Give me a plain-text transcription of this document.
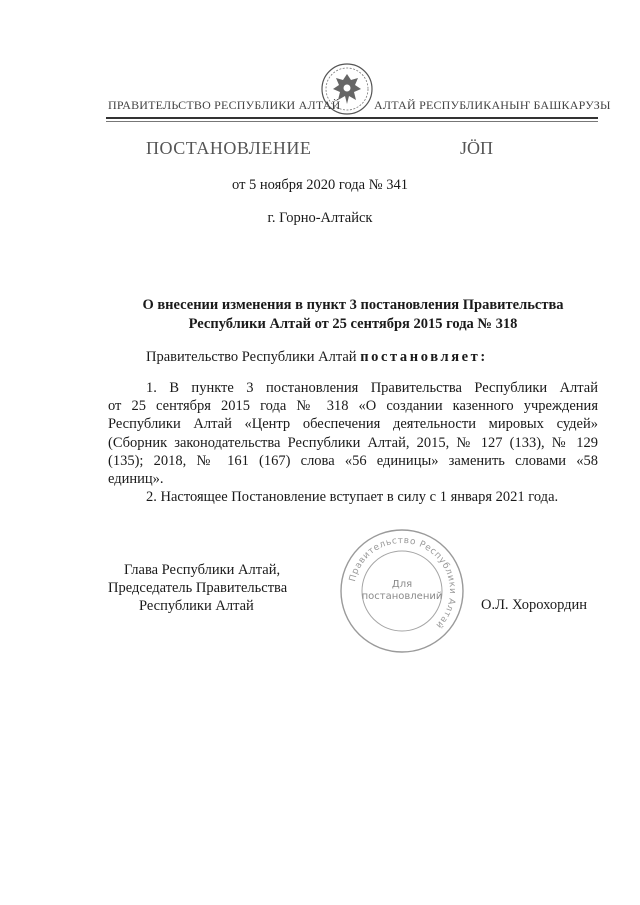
ПРАВИТЕЛЬСТВО РЕСПУБЛИКИ АЛТАЙ	АЛТАЙ РЕСПУБЛИКАНЫҤ БАШКАРУЗЫ
ПОСТАНОВЛЕНИЕ	ЈӦП
от 5 ноября 2020 года № 341
г. Горно-Алтайск
О внесении изменения в пункт 3 постановления Правительства
Республики Алтай от 25 сентября 2015 года № 318
Правительство Республики Алтай постановляет:
1. В пункте 3 постановления Правительства Республики Алтай
от 25 сентября 2015 года № 318 «О создании казенного учреждения
Республики Алтай «Центр обеспечения деятельности мировых судей»
(Сборник законодательства Республики Алтай, 2015, № 127 (133), № 129
(135); 2018, № 161 (167) слова «56 единицы» заменить словами «58
единиц».
2. Настоящее Постановление вступает в силу с 1 января 2021 года.
Глава Республики Алтай,
Председатель Правительства
Республики Алтай	О.Л. Хорохордин
Правительство Республики Алтай
Для
постановлений
